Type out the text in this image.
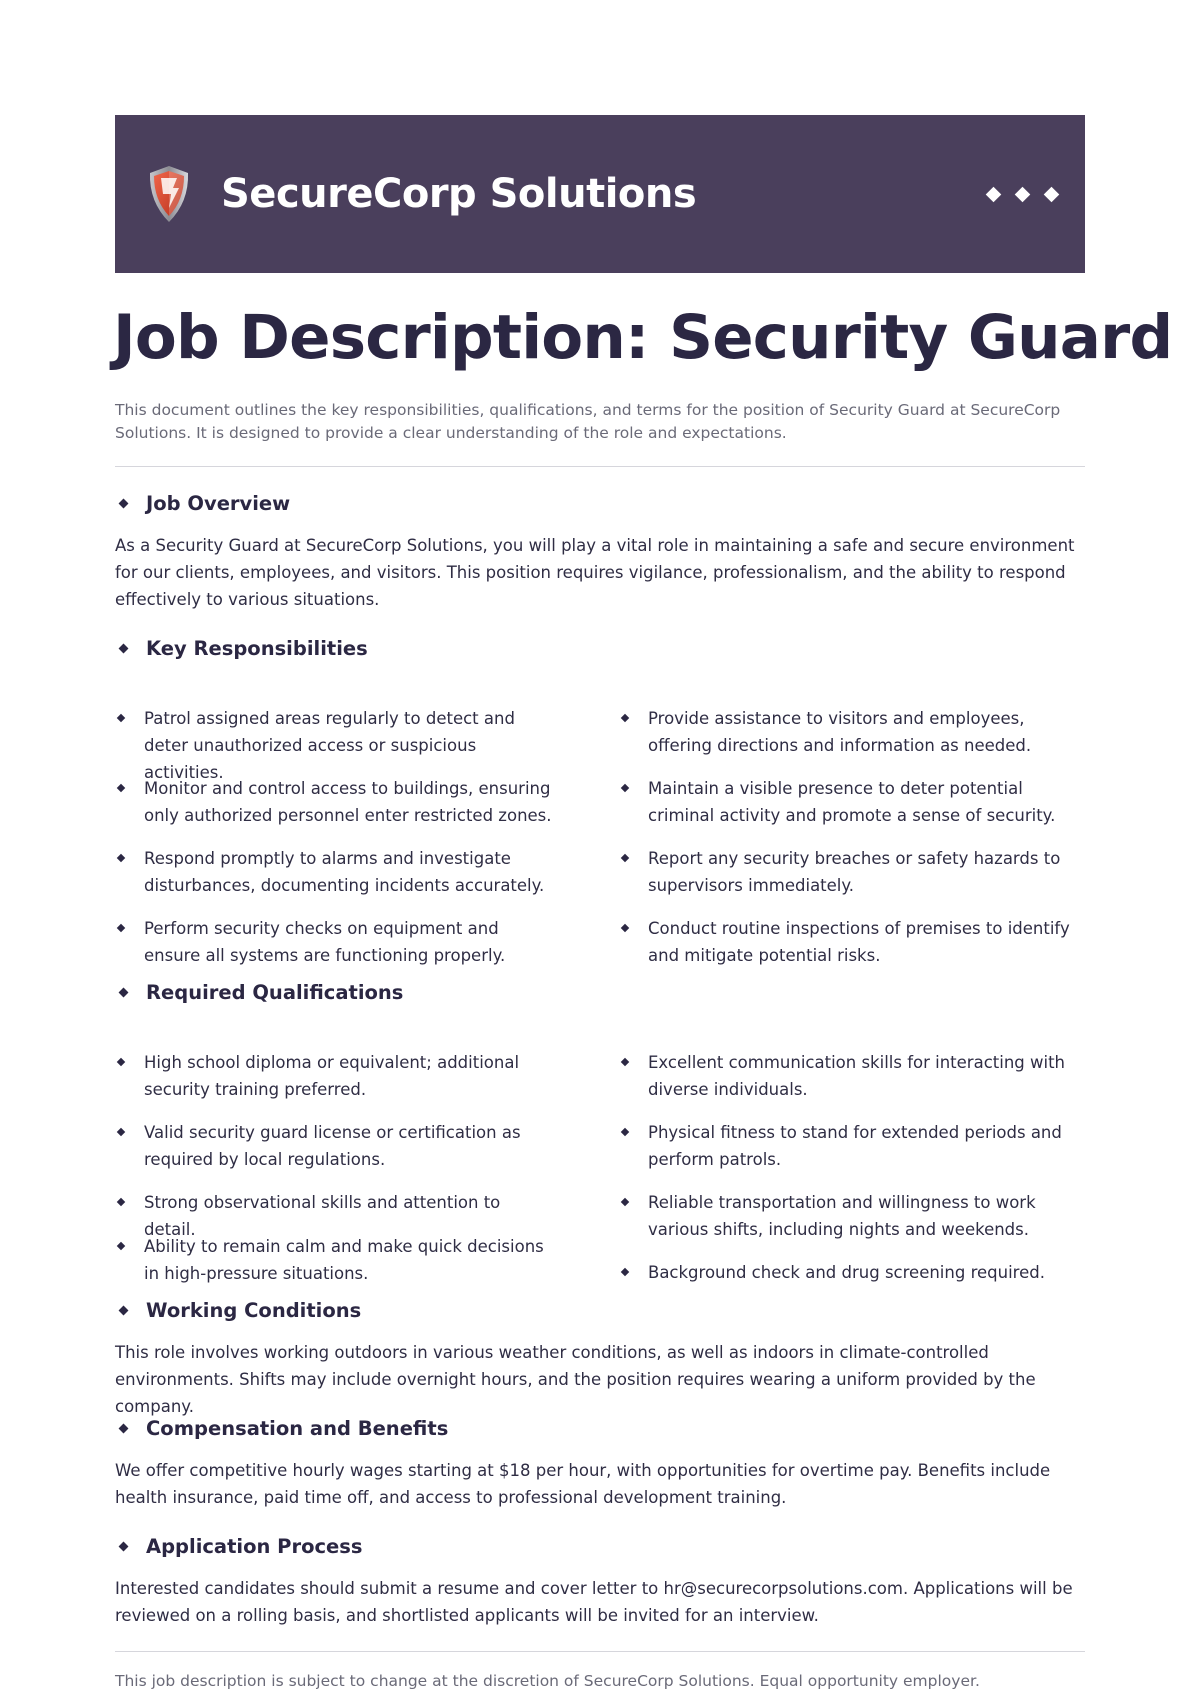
SecureCorp Solutions
Job Description: Security Guard

This document outlines the key responsibilities, qualifications, and terms for the position of Security Guard at SecureCorp Solutions. It is designed to provide a clear understanding of the role and expectations.

Job Overview

As a Security Guard at SecureCorp Solutions, you will play a vital role in maintaining a safe and secure environment for our clients, employees, and visitors. This position requires vigilance, professionalism, and the ability to respond effectively to various situations.

Key Responsibilities
Patrol assigned areas regularly to detect and deter unauthorized access or suspicious activities.
Monitor and control access to buildings, ensuring only authorized personnel enter restricted zones.
Respond promptly to alarms and investigate disturbances, documenting incidents accurately.
Perform security checks on equipment and ensure all systems are functioning properly.
Provide assistance to visitors and employees, offering directions and information as needed.
Maintain a visible presence to deter potential criminal activity and promote a sense of security.
Report any security breaches or safety hazards to supervisors immediately.
Conduct routine inspections of premises to identify and mitigate potential risks.
Required Qualifications
High school diploma or equivalent; additional security training preferred.
Valid security guard license or certification as required by local regulations.
Strong observational skills and attention to detail.
Ability to remain calm and make quick decisions in high-pressure situations.
Excellent communication skills for interacting with diverse individuals.
Physical fitness to stand for extended periods and perform patrols.
Reliable transportation and willingness to work various shifts, including nights and weekends.
Background check and drug screening required.
Working Conditions

This role involves working outdoors in various weather conditions, as well as indoors in climate-controlled environments. Shifts may include overnight hours, and the position requires wearing a uniform provided by the company.

Compensation and Benefits

We offer competitive hourly wages starting at $18 per hour, with opportunities for overtime pay. Benefits include health insurance, paid time off, and access to professional development training.

Application Process

Interested candidates should submit a resume and cover letter to hr@securecorpsolutions.com. Applications will be reviewed on a rolling basis, and shortlisted applicants will be invited for an interview.

This job description is subject to change at the discretion of SecureCorp Solutions. Equal opportunity employer.
